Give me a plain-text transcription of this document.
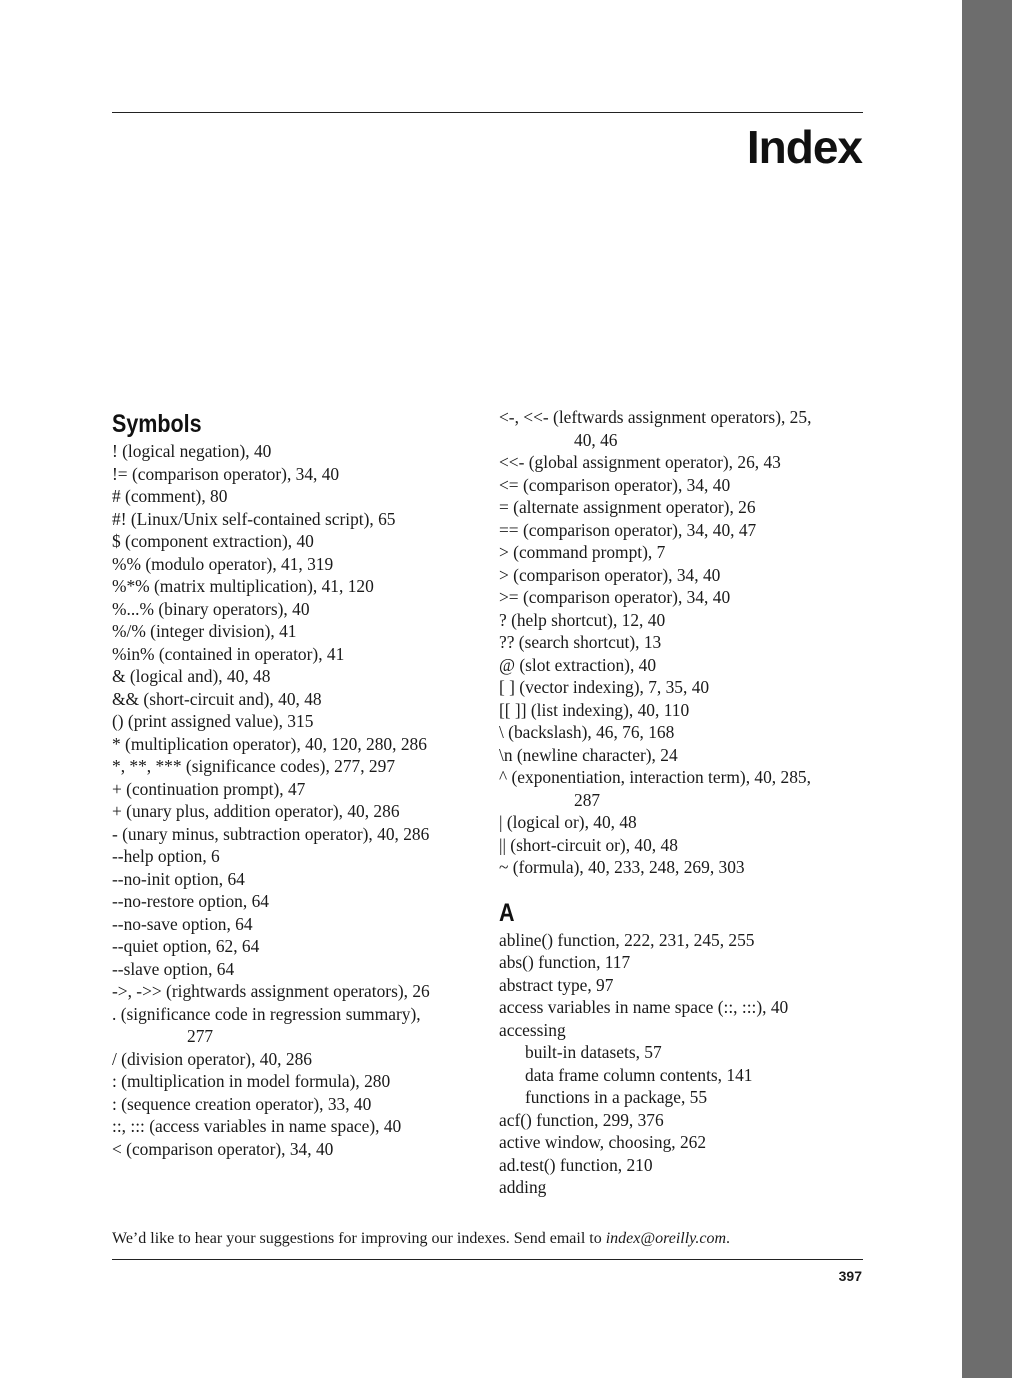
Index
Symbols
! (logical negation), 40
!= (comparison operator), 34, 40
# (comment), 80
#! (Linux/Unix self-contained script), 65
$ (component extraction), 40
%% (modulo operator), 41, 319
%*% (matrix multiplication), 41, 120
%...% (binary operators), 40
%/% (integer division), 41
%in% (contained in operator), 41
& (logical and), 40, 48
&& (short-circuit and), 40, 48
() (print assigned value), 315
* (multiplication operator), 40, 120, 280, 286
*, **, *** (significance codes), 277, 297
+ (continuation prompt), 47
+ (unary plus, addition operator), 40, 286
- (unary minus, subtraction operator), 40, 286
--help option, 6
--no-init option, 64
--no-restore option, 64
--no-save option, 64
--quiet option, 62, 64
--slave option, 64
->, ->> (rightwards assignment operators), 26
. (significance code in regression summary),
277
/ (division operator), 40, 286
: (multiplication in model formula), 280
: (sequence creation operator), 33, 40
::, ::: (access variables in name space), 40
< (comparison operator), 34, 40
<-, <<- (leftwards assignment operators), 25,
40, 46
<<- (global assignment operator), 26, 43
<= (comparison operator), 34, 40
= (alternate assignment operator), 26
== (comparison operator), 34, 40, 47
> (command prompt), 7
> (comparison operator), 34, 40
>= (comparison operator), 34, 40
? (help shortcut), 12, 40
?? (search shortcut), 13
@ (slot extraction), 40
[ ] (vector indexing), 7, 35, 40
[[ ]] (list indexing), 40, 110
\ (backslash), 46, 76, 168
\n (newline character), 24
^ (exponentiation, interaction term), 40, 285,
287
| (logical or), 40, 48
|| (short-circuit or), 40, 48
~ (formula), 40, 233, 248, 269, 303
A
abline() function, 222, 231, 245, 255
abs() function, 117
abstract type, 97
access variables in name space (::, :::), 40
accessing
built-in datasets, 57
data frame column contents, 141
functions in a package, 55
acf() function, 299, 376
active window, choosing, 262
ad.test() function, 210
adding
We’d like to hear your suggestions for improving our indexes. Send email to index@oreilly.com.
397
